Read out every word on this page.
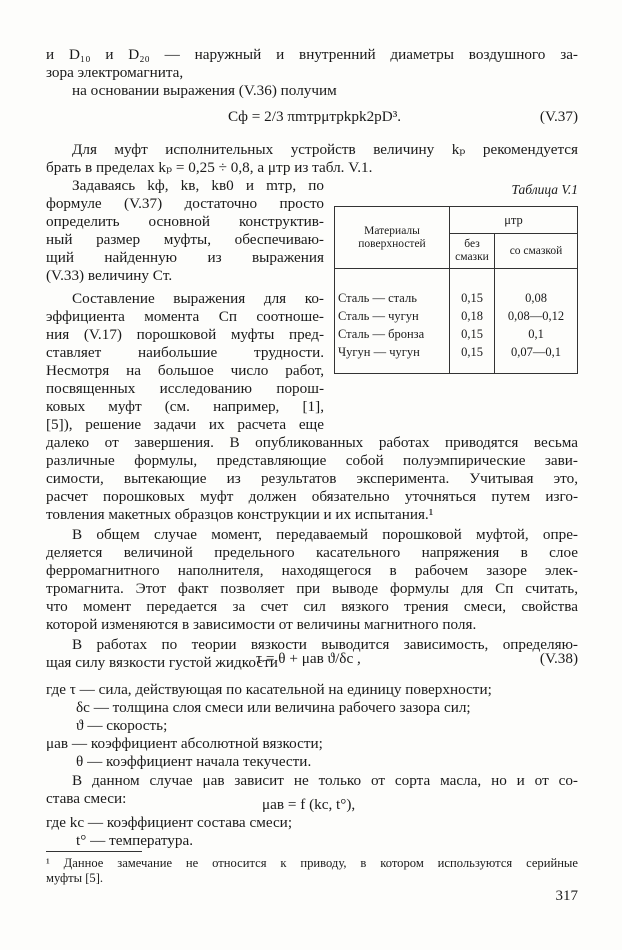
и D₁₀ и D₂₀ — наружный и внутренний диаметры воздушного за-
зора электромагнита,
на основании выражения (V.36) получим
Cф = 2/3 πmтрμтрkрk2рD³.	(V.37)
Для муфт исполнительных устройств величину kₚ рекомендуется
брать в пределах kₚ = 0,25 ÷ 0,8, а μтр из табл. V.1.
Задаваясь kф, kв, kв0 и mтр, по
формуле (V.37) достаточно просто
определить основной конструктив-
ный размер муфты, обеспечиваю-
щий найденную из выражения
(V.33) величину Cт.
Составление выражения для ко-
эффициента момента Cп соотноше-
ния (V.17) порошковой муфты пред-
ставляет наибольшие трудности.
Несмотря на большое число работ,
посвященных исследованию порош-
ковых муфт (см. например, [1],
[5]), решение задачи их расчета еще
далеко от завершения. В опубликованных работах приводятся весьма
различные формулы, представляющие собой полуэмпирические зави-
симости, вытекающие из результатов эксперимента. Учитывая это,
расчет порошковых муфт должен обязательно уточняться путем изго-
товления макетных образцов конструкции и их испытания.¹
В общем случае момент, передаваемый порошковой муфтой, опре-
деляется величиной предельного касательного напряжения в слое
ферромагнитного наполнителя, находящегося в рабочем зазоре элек-
тромагнита. Этот факт позволяет при выводе формулы для Cп считать,
что момент передается за счет сил вязкого трения смеси, свойства
которой изменяются в зависимости от величины магнитного поля.
В работах по теории вязкости выводится зависимость, определяю-
щая силу вязкости густой жидкости
τ = θ + μав ϑ/δс ,	(V.38)
где τ — сила, действующая по касательной на единицу поверхности;
δс — толщина слоя смеси или величина рабочего зазора сил;
ϑ — скорость;
μав — коэффициент абсолютной вязкости;
θ — коэффициент начала текучести.
В данном случае μав зависит не только от сорта масла, но и от со-
става смеси:	μав = f (kс, t°),
где kс — коэффициент состава смеси;
t° — температура.
Таблица V.1
Материалы поверхностей	μтр	
	без смазки	со смазкой
Сталь — сталь	0,15	0,08
Сталь — чугун	0,18	0,08—0,12
Сталь — бронза	0,15	0,1
Чугун — чугун	0,15	0,07—0,1
¹ Данное замечание не относится к приводу, в котором используются серийные
муфты [5].
317
